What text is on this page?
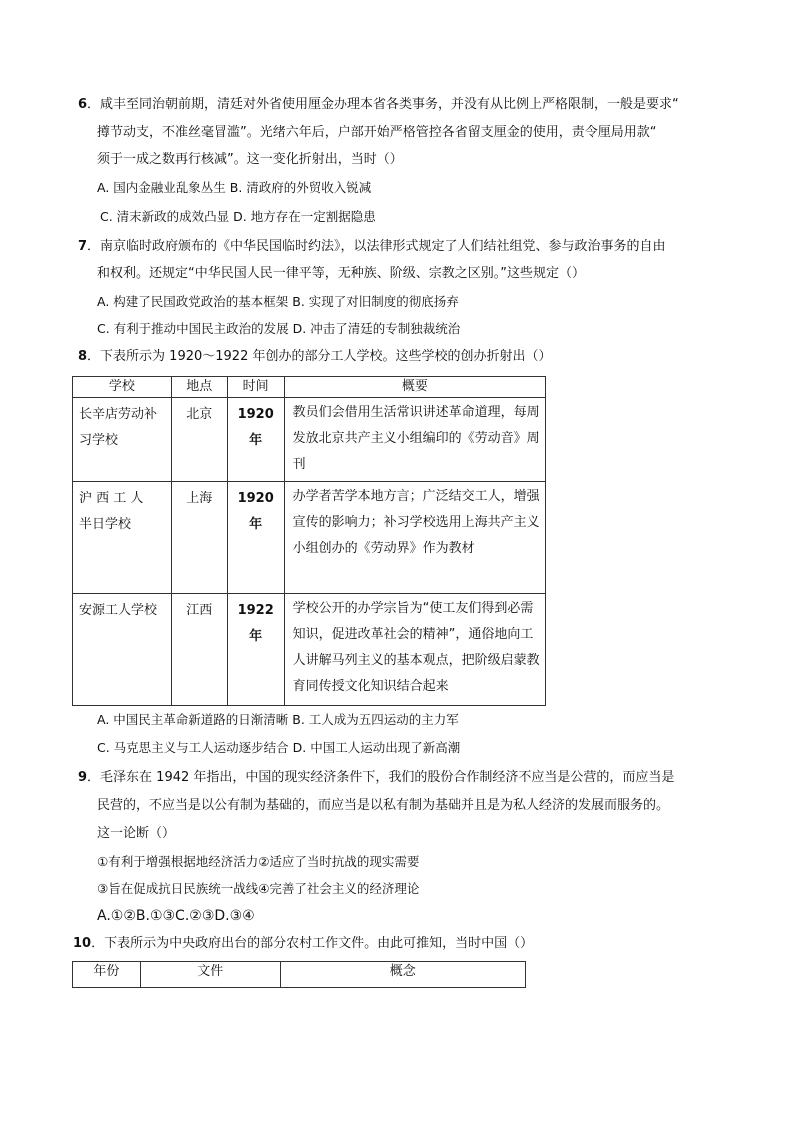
6．咸丰至同治朝前期，清廷对外省使用厘金办理本省各类事务，并没有从比例上严格限制，一般是要求“
撙节动支，不准丝毫冒滥”。光绪六年后，户部开始严格管控各省留支厘金的使用，责令厘局用款“
须于一成之数再行核减”。这一变化折射出，当时（）
A. 国内金融业乱象丛生 B. 清政府的外贸收入锐减
C. 清末新政的成效凸显 D. 地方存在一定割据隐患
7．南京临时政府颁布的《中华民国临时约法》，以法律形式规定了人们结社组党、参与政治事务的自由
和权利。还规定“中华民国人民一律平等，无种族、阶级、宗教之区别。”这些规定（）
A. 构建了民国政党政治的基本框架 B. 实现了对旧制度的彻底扬弃
C. 有利于推动中国民主政治的发展 D. 冲击了清廷的专制独裁统治
8．下表所示为 1920～1922 年创办的部分工人学校。这些学校的创办折射出（）
学校	地点	时间	概要

长辛店劳动补
习学校	北京	1920年	教员们会借用生活常识讲述革命道理，每周发放北京共产主义小组编印的《劳动音》周刊

沪 西 工 人
半日学校	上海	1920年	办学者苦学本地方言；广泛结交工人，增强宣传的影响力；补习学校选用上海共产主义小组创办的《劳动界》作为教材

安源工人学校	江西	1922年	学校公开的办学宗旨为“使工友们得到必需知识，促进改革社会的精神”，通俗地向工人讲解马列主义的基本观点，把阶级启蒙教育同传授文化知识结合起来
A. 中国民主革命新道路的日渐清晰 B. 工人成为五四运动的主力军
C. 马克思主义与工人运动逐步结合 D. 中国工人运动出现了新高潮
9．毛泽东在 1942 年指出，中国的现实经济条件下，我们的股份合作制经济不应当是公营的，而应当是
民营的，不应当是以公有制为基础的，而应当是以私有制为基础并且是为私人经济的发展而服务的。
这一论断（）
①有利于增强根据地经济活力②适应了当时抗战的现实需要
③旨在促成抗日民族统一战线④完善了社会主义的经济理论
A.①②B.①③C.②③D.③④
10．下表所示为中央政府出台的部分农村工作文件。由此可推知，当时中国（）
年份	文件	概念
